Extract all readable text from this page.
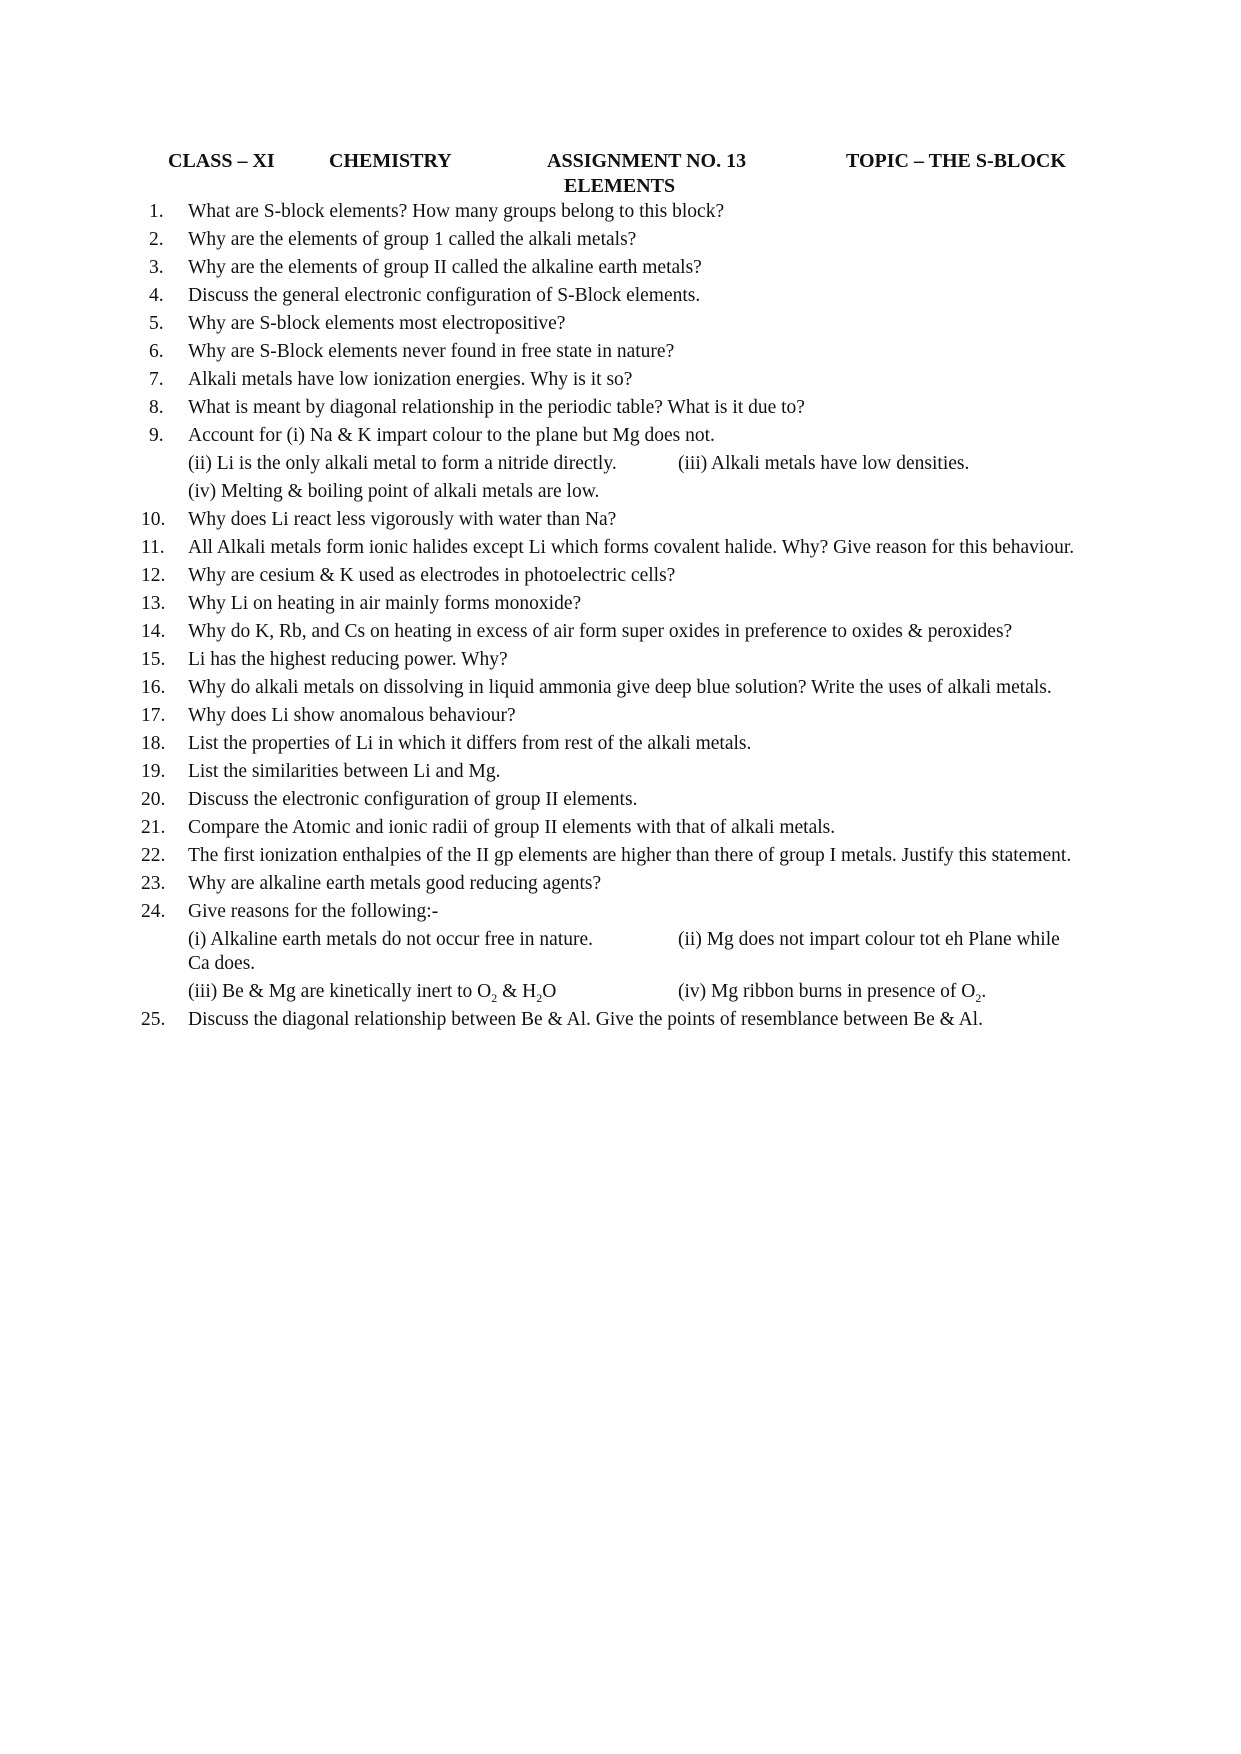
CLASS – XI	CHEMISTRY	ASSIGNMENT NO. 13	TOPIC – THE S-BLOCK
ELEMENTS
1.	What are S-block elements? How many groups belong to this block?
2.	Why are the elements of group 1 called the alkali metals?
3.	Why are the elements of group II called the alkaline earth metals?
4.	Discuss the general electronic configuration of S-Block elements.
5.	Why are S-block elements most electropositive?
6.	Why are S-Block elements never found in free state in nature?
7.	Alkali metals have low ionization energies. Why is it so?
8.	What is meant by diagonal relationship in the periodic table? What is it due to?
9.	Account for (i) Na & K impart colour to the plane but Mg does not.
(ii) Li is the only alkali metal to form a nitride directly.	(iii) Alkali metals have low densities.
(iv) Melting & boiling point of alkali metals are low.
10. Why does Li react less vigorously with water than Na?
11. All Alkali metals form ionic halides except Li which forms covalent halide. Why? Give reason for this behaviour.
12. Why are cesium & K used as electrodes in photoelectric cells?
13. Why Li on heating in air mainly forms monoxide?
14. Why do K, Rb, and Cs on heating in excess of air form super oxides in preference to oxides & peroxides?
15. Li has the highest reducing power. Why?
16. Why do alkali metals on dissolving in liquid ammonia give deep blue solution? Write the uses of alkali metals.
17. Why does Li show anomalous behaviour?
18. List the properties of Li in which it differs from rest of the alkali metals.
19. List the similarities between Li and Mg.
20. Discuss the electronic configuration of group II elements.
21. Compare the Atomic and ionic radii of group II elements with that of alkali metals.
22. The first ionization enthalpies of the II gp elements are higher than there of group I metals. Justify this statement.
23. Why are alkaline earth metals good reducing agents?
24. Give reasons for the following:-
(i) Alkaline earth metals do not occur free in nature.	(ii) Mg does not impart colour tot eh Plane while
Ca does.
(iii) Be & Mg are kinetically inert to $O_2$ & $H_2O$	(iv) Mg ribbon burns in presence of $O_2$.
25. Discuss the diagonal relationship between Be & Al. Give the points of resemblance between Be & Al.
